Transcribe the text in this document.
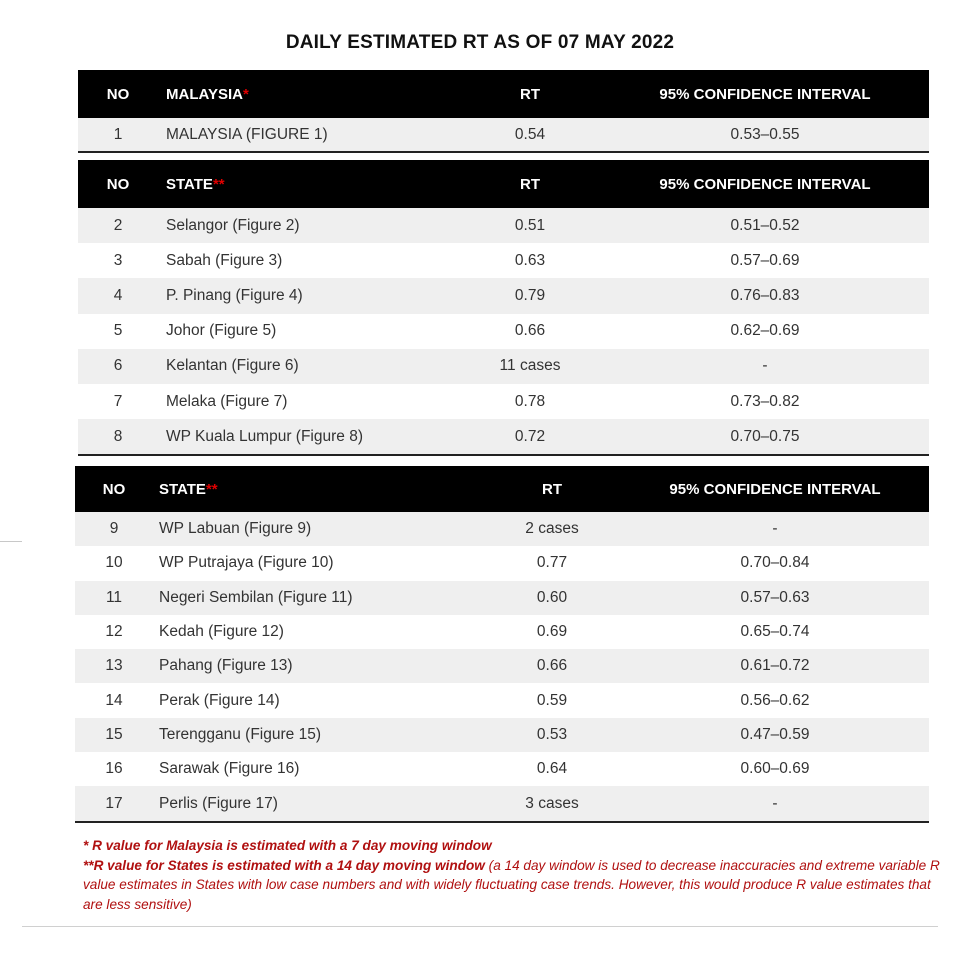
DAILY ESTIMATED RT AS OF 07 MAY 2022
NO MALAYSIA*	RT	95% CONFIDENCE INTERVAL
1	MALAYSIA (FIGURE 1)	0.54	0.53–0.55
NO STATE**	RT	95% CONFIDENCE INTERVAL
2	Selangor (Figure 2)	0.51	0.51–0.52
3	Sabah (Figure 3)	0.63	0.57–0.69
4	P. Pinang (Figure 4)	0.79	0.76–0.83
5	Johor (Figure 5)	0.66	0.62–0.69
6	Kelantan (Figure 6)	11 cases	-
7	Melaka (Figure 7)	0.78	0.73–0.82
8	WP Kuala Lumpur (Figure 8)	0.72	0.70–0.75
NO STATE**	RT	95% CONFIDENCE INTERVAL
9	WP Labuan (Figure 9)	2 cases	-
10 WP Putrajaya (Figure 10)	0.77	0.70–0.84
11 Negeri Sembilan (Figure 11)	0.60	0.57–0.63
12 Kedah (Figure 12)	0.69	0.65–0.74
13 Pahang (Figure 13)	0.66	0.61–0.72
14 Perak (Figure 14)	0.59	0.56–0.62
15 Terengganu (Figure 15)	0.53	0.47–0.59
16 Sarawak (Figure 16)	0.64	0.60–0.69
17 Perlis (Figure 17)	3 cases	-
* R value for Malaysia is estimated with a 7 day moving window
**R value for States is estimated with a 14 day moving window (a 14 day window is used to decrease inaccuracies and extreme variable R value estimates in States with low case numbers and with widely fluctuating case trends. However, this would produce R value estimates that are less sensitive)
